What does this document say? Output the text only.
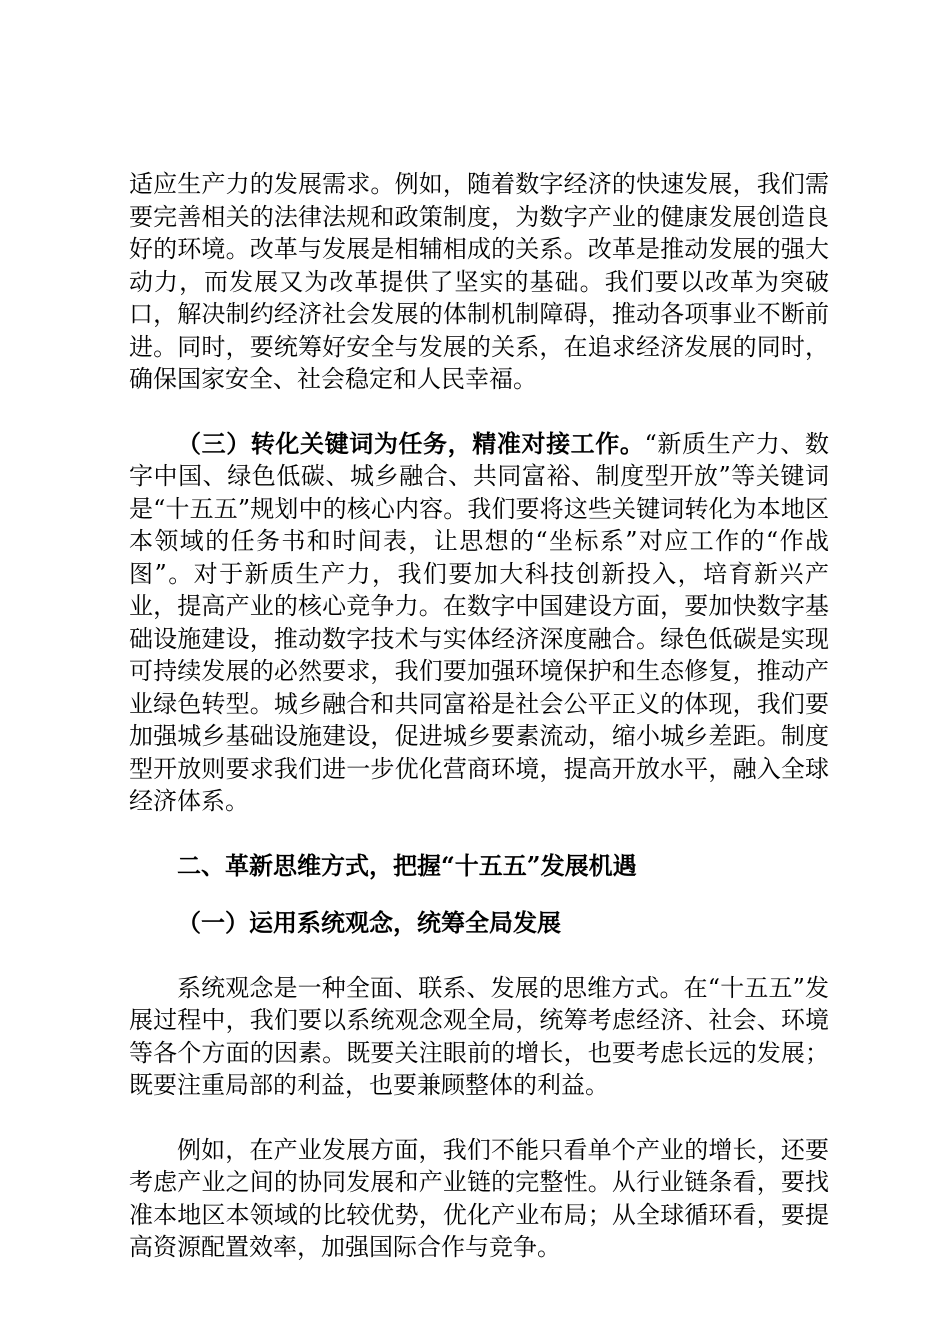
适应生产力的发展需求。例如，随着数字经济的快速发展，我们需要完善相关的法律法规和政策制度，为数字产业的健康发展创造良好的环境。改革与发展是相辅相成的关系。改革是推动发展的强大动力，而发展又为改革提供了坚实的基础。我们要以改革为突破口，解决制约经济社会发展的体制机制障碍，推动各项事业不断前进。同时，要统筹好安全与发展的关系，在追求经济发展的同时，确保国家安全、社会稳定和人民幸福。

（三）转化关键词为任务，精准对接工作。“新质生产力、数字中国、绿色低碳、城乡融合、共同富裕、制度型开放”等关键词是“十五五”规划中的核心内容。我们要将这些关键词转化为本地区本领域的任务书和时间表，让思想的“坐标系”对应工作的“作战图”。对于新质生产力，我们要加大科技创新投入，培育新兴产业，提高产业的核心竞争力。在数字中国建设方面，要加快数字基础设施建设，推动数字技术与实体经济深度融合。绿色低碳是实现可持续发展的必然要求，我们要加强环境保护和生态修复，推动产业绿色转型。城乡融合和共同富裕是社会公平正义的体现，我们要加强城乡基础设施建设，促进城乡要素流动，缩小城乡差距。制度型开放则要求我们进一步优化营商环境，提高开放水平，融入全球经济体系。

二、革新思维方式，把握“十五五”发展机遇

（一）运用系统观念，统筹全局发展

系统观念是一种全面、联系、发展的思维方式。在“十五五”发展过程中，我们要以系统观念观全局，统筹考虑经济、社会、环境等各个方面的因素。既要关注眼前的增长，也要考虑长远的发展；既要注重局部的利益，也要兼顾整体的利益。

例如，在产业发展方面，我们不能只看单个产业的增长，还要考虑产业之间的协同发展和产业链的完整性。从行业链条看，要找准本地区本领域的比较优势，优化产业布局；从全球循环看，要提高资源配置效率，加强国际合作与竞争。
